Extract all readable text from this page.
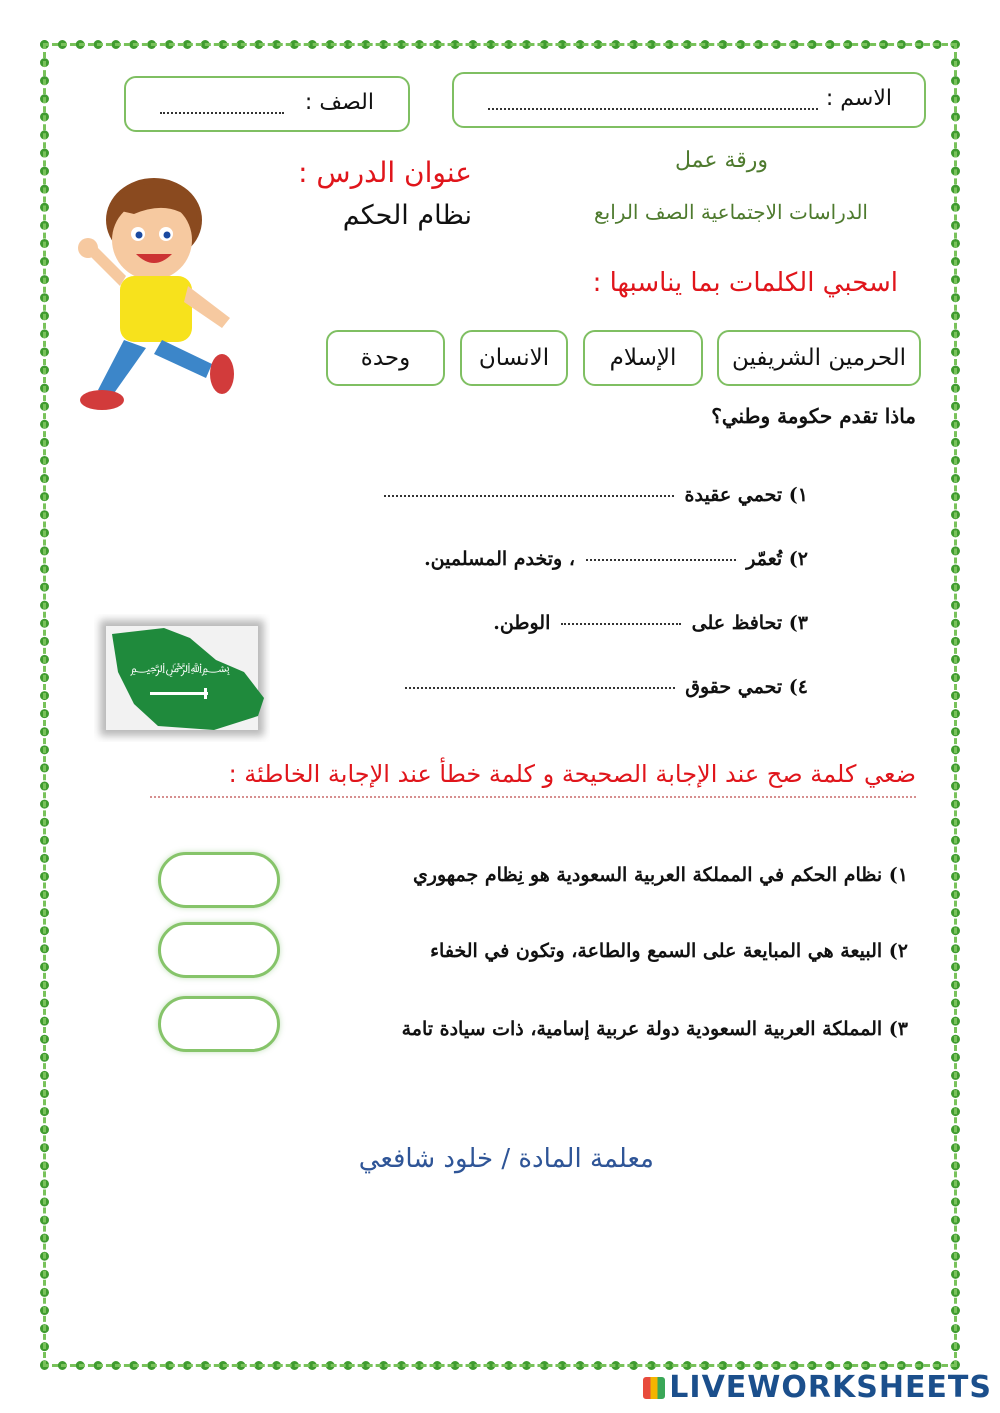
الاسم :
الصف :
ورقة عمل
الدراسات الاجتماعية الصف الرابع
عنوان الدرس :
نظام الحكم
اسحبي الكلمات بما يناسبها :
الحرمين الشريفين
الإسلام
الانسان
وحدة
ماذا تقدم حكومة وطني؟
١) تحمي عقيدة
٢) تُعمّر  ، وتخدم المسلمين.
٣) تحافظ على  الوطن.
٤) تحمي حقوق
﷽
ضعي كلمة صح عند الإجابة الصحيحة و كلمة خطأ عند الإجابة الخاطئة :
١) نظام الحكم في المملكة العربية السعودية هو نِظام جمهوري
٢) البيعة هي المبايعة على السمع والطاعة، وتكون في الخفاء
٣) المملكة العربية السعودية دولة عربية إسامية، ذات سيادة تامة
معلمة المادة / خلود شافعي
LIVEWORKSHEETS
